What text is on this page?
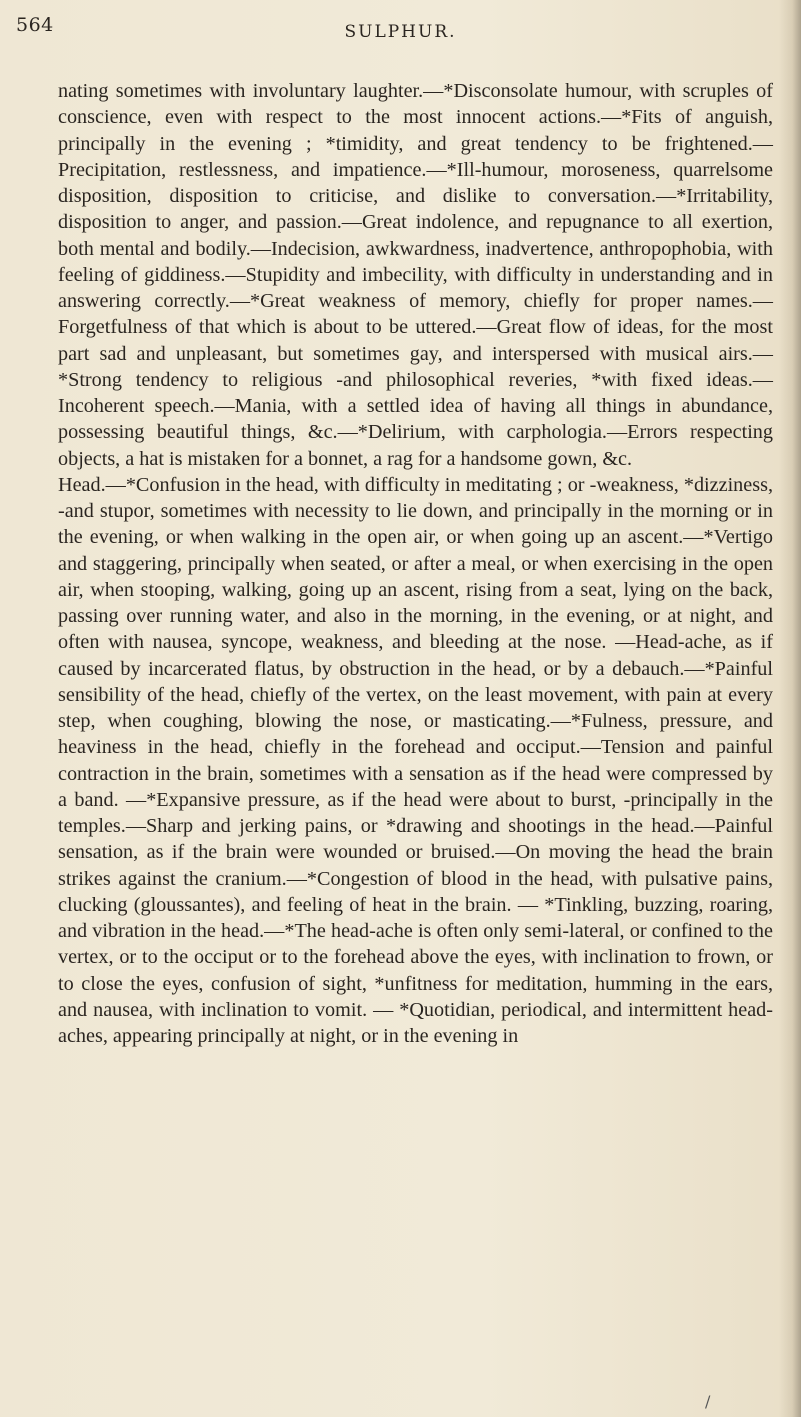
564	SULPHUR.

nating sometimes with involuntary laughter.—*Disconsolate humour, with scruples of conscience, even with respect to the most innocent actions.—*Fits of anguish, principally in the evening ; *timidity, and great tendency to be frightened.—Precipitation, restlessness, and impatience.—*Ill-humour, moroseness, quarrelsome disposition, disposition to criticise, and dislike to conversation.—*Irritability, disposition to anger, and passion.—Great indolence, and repugnance to all exertion, both mental and bodily.—Indecision, awkwardness, inadvertence, anthropophobia, with feeling of giddiness.—Stupidity and imbecility, with difficulty in understanding and in answering correctly.—*Great weakness of memory, chiefly for proper names.—Forgetfulness of that which is about to be uttered.—Great flow of ideas, for the most part sad and unpleasant, but sometimes gay, and interspersed with musical airs.—*Strong tendency to religious -and philosophical reveries, *with fixed ideas.—Incoherent speech.—Mania, with a settled idea of having all things in abundance, possessing beautiful things, &c.—*Delirium, with carphologia.—Errors respecting objects, a hat is mistaken for a bonnet, a rag for a handsome gown, &c.

Head.—*Confusion in the head, with difficulty in meditating ; or -weakness, *dizziness, -and stupor, sometimes with necessity to lie down, and principally in the morning or in the evening, or when walking in the open air, or when going up an ascent.—*Vertigo and staggering, principally when seated, or after a meal, or when exercising in the open air, when stooping, walking, going up an ascent, rising from a seat, lying on the back, passing over running water, and also in the morning, in the evening, or at night, and often with nausea, syncope, weakness, and bleeding at the nose. —Head-ache, as if caused by incarcerated flatus, by obstruction in the head, or by a debauch.—*Painful sensibility of the head, chiefly of the vertex, on the least movement, with pain at every step, when coughing, blowing the nose, or masticating.—*Fulness, pressure, and heaviness in the head, chiefly in the forehead and occiput.—Tension and painful contraction in the brain, sometimes with a sensation as if the head were compressed by a band. —*Expansive pressure, as if the head were about to burst, -principally in the temples.—Sharp and jerking pains, or *drawing and shootings in the head.—Painful sensation, as if the brain were wounded or bruised.—On moving the head the brain strikes against the cranium.—*Congestion of blood in the head, with pulsative pains, clucking (gloussantes), and feeling of heat in the brain. — *Tinkling, buzzing, roaring, and vibration in the head.—*The head-ache is often only semi-lateral, or confined to the vertex, or to the occiput or to the forehead above the eyes, with inclination to frown, or to close the eyes, confusion of sight, *unfitness for meditation, humming in the ears, and nausea, with inclination to vomit. — *Quotidian, periodical, and intermittent head-aches, appearing principally at night, or in the evening in

/
